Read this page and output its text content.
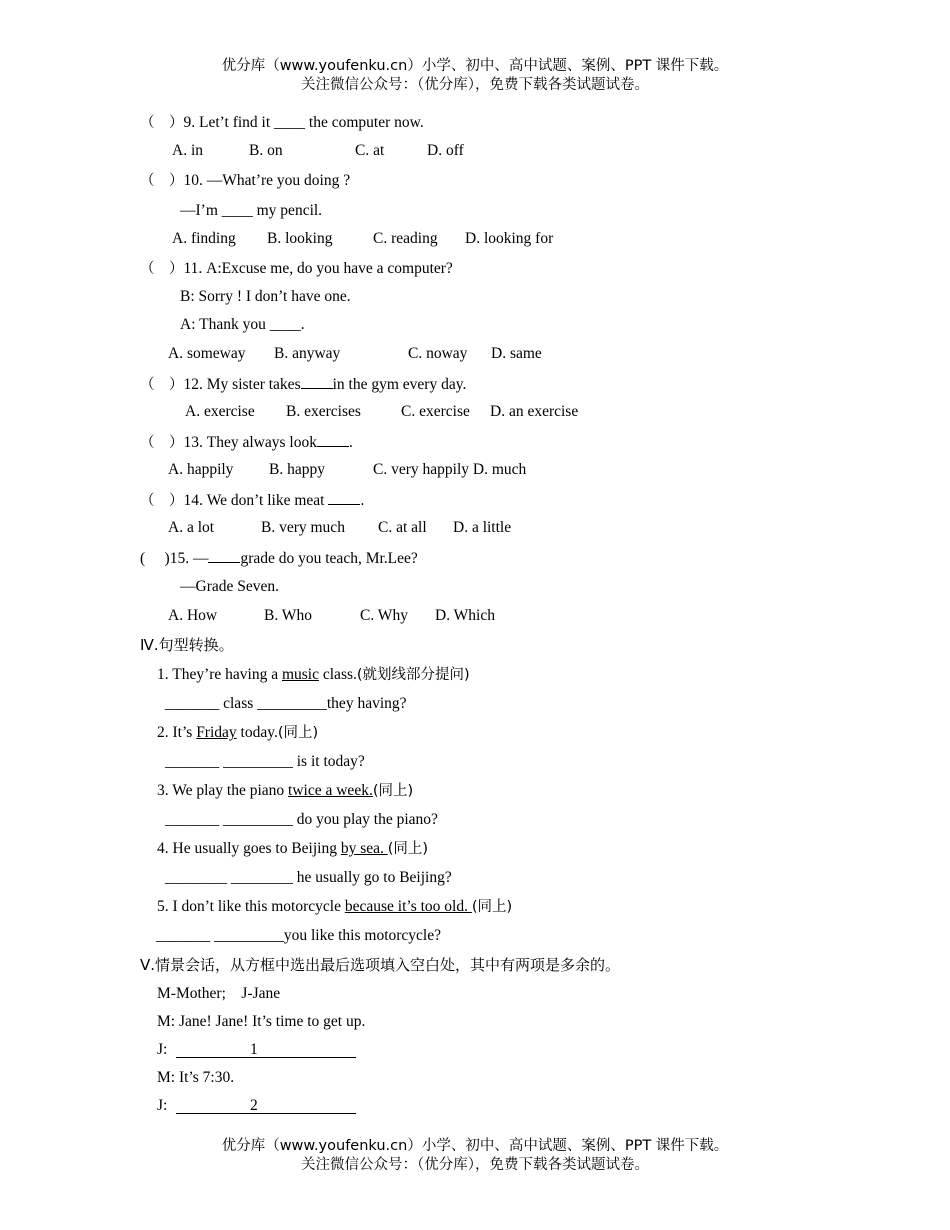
优分库（www.youfenku.cn）小学、初中、高中试题、案例、PPT 课件下载。
关注微信公众号：（优分库），免费下载各类试题试卷。
（　）9. Let’t find it ____ the computer now.
A. in	B. on	C. at	D. off
（　）10. —What’re you doing ?
—I’m ____ my pencil.
A. finding B. looking	C. reading D. looking for
（　）11. A:Excuse me, do you have a computer?
B: Sorry ! I don’t have one.
A: Thank you ____.
A. someway B. anyway	C. noway D. same
（　）12. My sister takes in the gym every day.
A. exercise B. exercises	C. exercise D. an exercise
（　）13. They always look .
A. happily B. happy	C. very happily D. much
（　）14. We don’t like meat .
A. a lot	B. very much C. at all D. a little
(　 )15. — grade do you teach, Mr.Lee?
—Grade Seven.
A. How	B. Who	C. Why D. Which
Ⅳ.句型转换。
1. They’re having a music class.(就划线部分提问)
_______ class _________they having?
2. It’s Friday today.(同上)
_______ _________ is it today?
3. We play the piano twice a week.(同上)
_______ _________ do you play the piano?
4. He usually goes to Beijing by sea. (同上)
________ ________ he usually go to Beijing?
5. I don’t like this motorcycle because it’s too old. (同上)
_______ _________you like this motorcycle?
Ⅴ.情景会话，从方框中选出最后选项填入空白处，其中有两项是多余的。
M-Mother;    J-Jane
M: Jane! Jane! It’s time to get up.
J:	1
M: It’s 7:30.
J:	2
优分库（www.youfenku.cn）小学、初中、高中试题、案例、PPT 课件下载。
关注微信公众号：（优分库），免费下载各类试题试卷。
